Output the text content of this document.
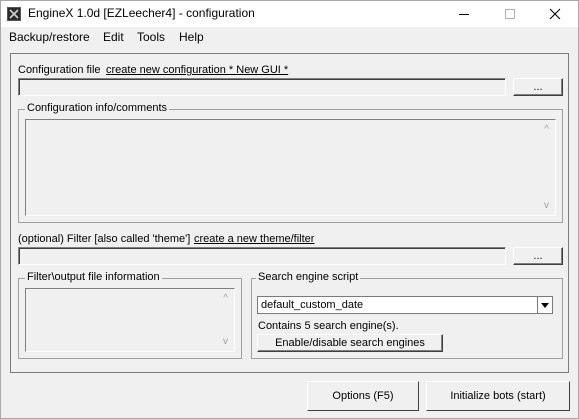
EngineX 1.0d [EZLeecher4] - configuration
Backup/restore Edit Tools Help
Configuration file create new configuration * New GUI *
...
Configuration info/comments
^
v
(optional) Filter [also called 'theme'] create a new theme/filter
...
Filter\output file information
^
v
Search engine script
default_custom_date
Contains 5 search engine(s).
Enable/disable search engines
Options (F5)	Initialize bots (start)
